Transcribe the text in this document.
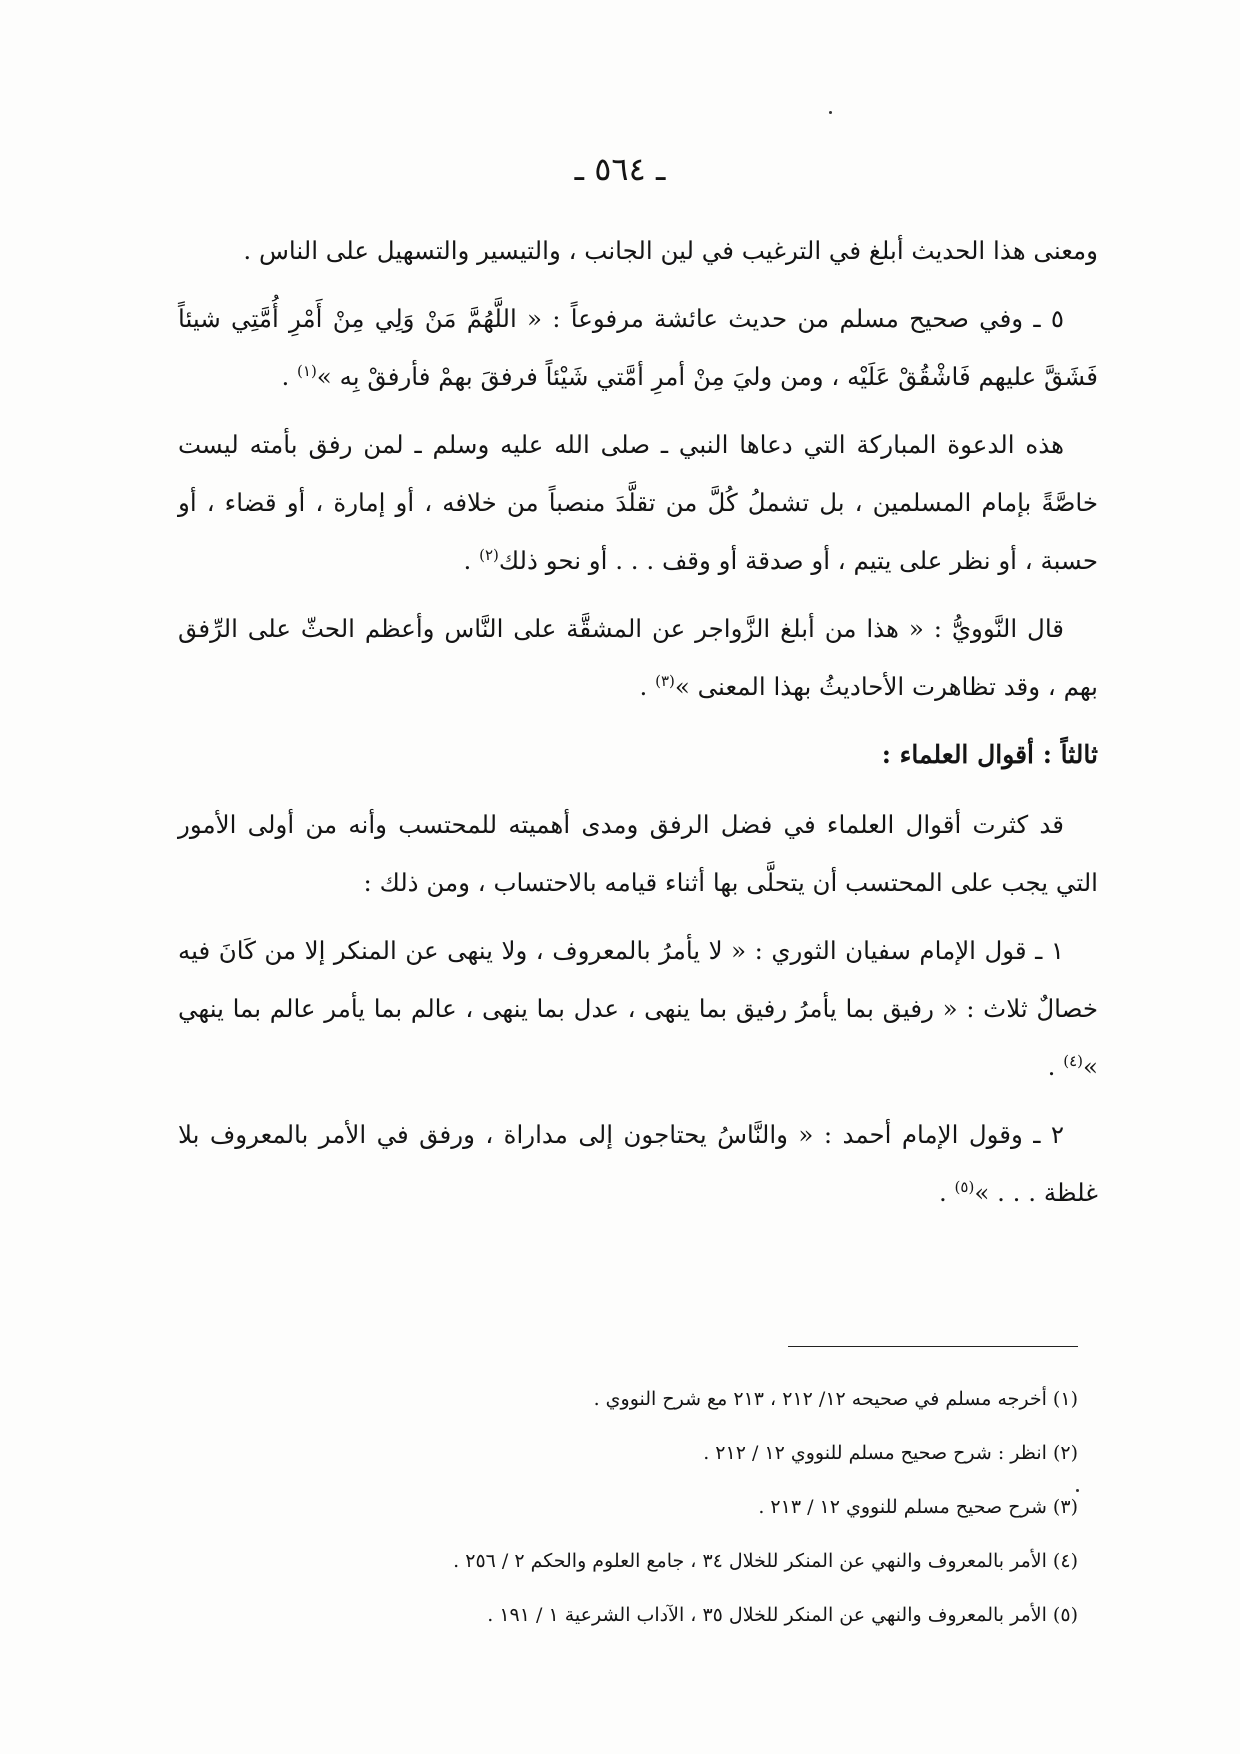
ـ ٥٦٤ ـ

ومعنى هذا الحديث أبلغ في الترغيب في لين الجانب ، والتيسير والتسهيل على الناس .

٥ ـ وفي صحيح مسلم من حديث عائشة مرفوعاً : « اللَّهُمَّ مَنْ وَلِي مِنْ أَمْرِ أُمَّتِي شيئاً فَشَقَّ عليهم فَاشْقُقْ عَلَيْه ، ومن وليَ مِنْ أمرِ أمَّتي شَيْئاً فرفقَ بهمْ فأرفقْ بِه »$^{(١)}$ .

هذه الدعوة المباركة التي دعاها النبي ـ صلى الله عليه وسلم ـ لمن رفق بأمته ليست خاصَّةً بإمام المسلمين ، بل تشملُ كُلَّ من تقلَّدَ منصباً من خلافه ، أو إمارة ، أو قضاء ، أو حسبة ، أو نظر على يتيم ، أو صدقة أو وقف . . . أو نحو ذلك$^{(٢)}$ .

قال النَّوويُّ : « هذا من أبلغ الزَّواجر عن المشقَّة على النَّاس وأعظم الحثّ على الرِّفق بهم ، وقد تظاهرت الأحاديثُ بهذا المعنى »$^{(٣)}$ .

ثالثاً : أقوال العلماء :

قد كثرت أقوال العلماء في فضل الرفق ومدى أهميته للمحتسب وأنه من أولى الأمور التي يجب على المحتسب أن يتحلَّى بها أثناء قيامه بالاحتساب ، ومن ذلك :

١ ـ قول الإمام سفيان الثوري : « لا يأمرُ بالمعروف ، ولا ينهى عن المنكر إلا من كَانَ فيه خصالٌ ثلاث : « رفيق بما يأمرُ رفيق بما ينهى ، عدل بما ينهى ، عالم بما يأمر عالم بما ينهي »$^{(٤)}$ .

٢ ـ وقول الإمام أحمد : « والنَّاسُ يحتاجون إلى مداراة ، ورفق في الأمر بالمعروف بلا غلظة . . . »$^{(٥)}$ .

(١) أخرجه مسلم في صحيحه ١٢/ ٢١٢ ، ٢١٣ مع شرح النووي .

(٢) انظر : شرح صحيح مسلم للنووي ١٢ / ٢١٢ .

(٣) شرح صحيح مسلم للنووي ١٢ / ٢١٣ .

(٤) الأمر بالمعروف والنهي عن المنكر للخلال ٣٤ ، جامع العلوم والحكم ٢ / ٢٥٦ .

(٥) الأمر بالمعروف والنهي عن المنكر للخلال ٣٥ ، الآداب الشرعية ١ / ١٩١ .
